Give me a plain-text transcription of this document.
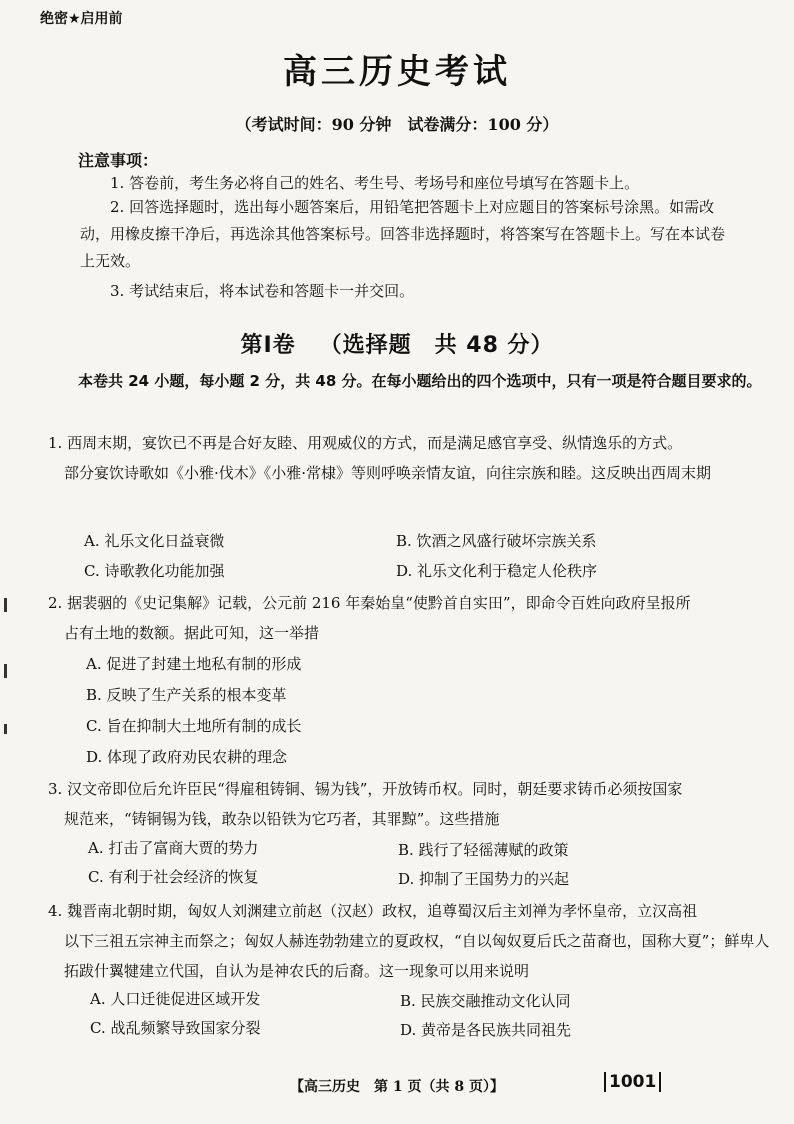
绝密★启用前
高三历史考试
（考试时间：90 分钟　试卷满分：100 分）
注意事项：
1. 答卷前，考生务必将自己的姓名、考生号、考场号和座位号填写在答题卡上。
2. 回答选择题时，选出每小题答案后，用铅笔把答题卡上对应题目的答案标号涂黑。如需改动，用橡皮擦干净后，再选涂其他答案标号。回答非选择题时，将答案写在答题卡上。写在本试卷上无效。
3. 考试结束后，将本试卷和答题卡一并交回。
第Ⅰ卷 （选择题　共 48 分）
本卷共 24 小题，每小题 2 分，共 48 分。在每小题给出的四个选项中，只有一项是符合题目要求的。
1. 西周末期，宴饮已不再是合好友睦、用观威仪的方式，而是满足感官享受、纵情逸乐的方式。
部分宴饮诗歌如《小雅·伐木》《小雅·常棣》等则呼唤亲情友谊，向往宗族和睦。这反映出西周末期
A. 礼乐文化日益衰微	B. 饮酒之风盛行破坏宗族关系
C. 诗歌教化功能加强	D. 礼乐文化利于稳定人伦秩序
2. 据裴骃的《史记集解》记载，公元前 216 年秦始皇“使黔首自实田”，即命令百姓向政府呈报所
占有土地的数额。据此可知，这一举措
A. 促进了封建土地私有制的形成
B. 反映了生产关系的根本变革
C. 旨在抑制大土地所有制的成长
D. 体现了政府劝民农耕的理念
3. 汉文帝即位后允许臣民“得雇租铸铜、锡为钱”，开放铸币权。同时，朝廷要求铸币必须按国家
规范来，“铸铜锡为钱，敢杂以铅铁为它巧者，其罪黥”。这些措施
A. 打击了富商大贾的势力	B. 践行了轻徭薄赋的政策
C. 有利于社会经济的恢复	D. 抑制了王国势力的兴起
4. 魏晋南北朝时期，匈奴人刘渊建立前赵（汉赵）政权，追尊蜀汉后主刘禅为孝怀皇帝，立汉高祖
以下三祖五宗神主而祭之；匈奴人赫连勃勃建立的夏政权，“自以匈奴夏后氏之苗裔也，国称大夏”；鲜卑人拓跋什翼犍建立代国，自认为是神农氏的后裔。这一现象可以用来说明
A. 人口迁徙促进区域开发	B. 民族交融推动文化认同
C. 战乱频繁导致国家分裂	D. 黄帝是各民族共同祖先
【高三历史　第 1 页（共 8 页）】	1001
